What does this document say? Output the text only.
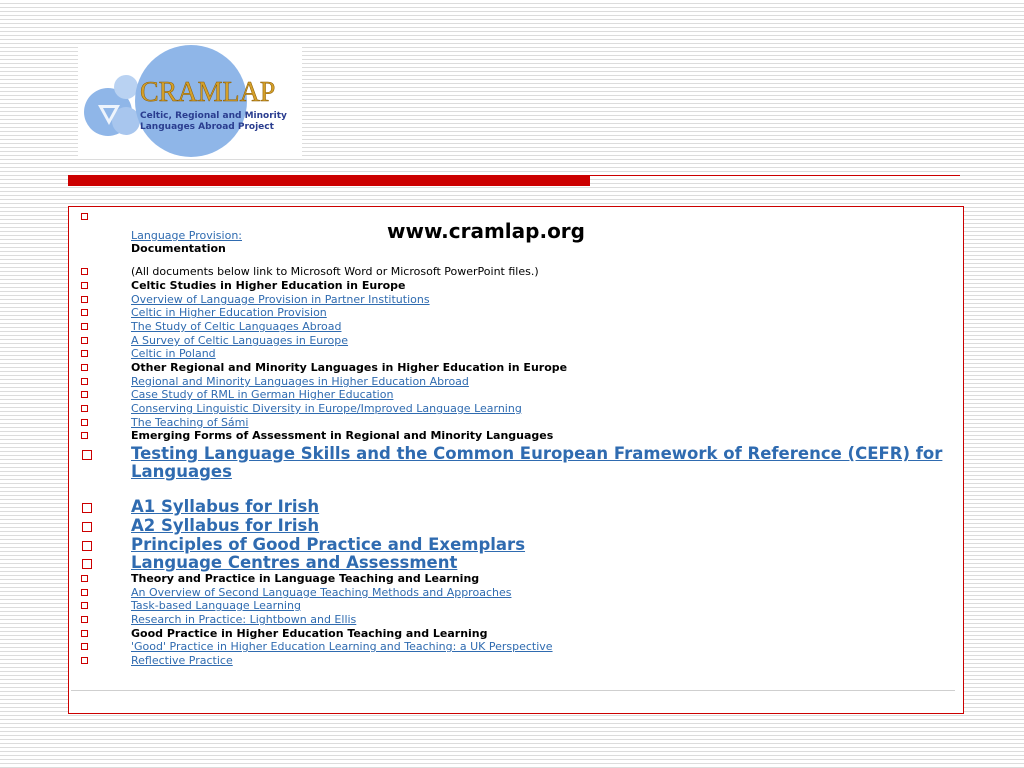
CRAMLAP
Celtic, Regional and Minority
Languages Abroad Project
Language Provision:
Documentation
www.cramlap.org
(All documents below link to Microsoft Word or Microsoft PowerPoint files.)
Celtic Studies in Higher Education in Europe
Overview of Language Provision in Partner Institutions
Celtic in Higher Education Provision
The Study of Celtic Languages Abroad
A Survey of Celtic Languages in Europe
Celtic in Poland
Other Regional and Minority Languages in Higher Education in Europe
Regional and Minority Languages in Higher Education Abroad
Case Study of RML in German Higher Education
Conserving Linguistic Diversity in Europe/Improved Language Learning
The Teaching of Sámi
Emerging Forms of Assessment in Regional and Minority Languages
Testing Language Skills and the Common European Framework of Reference (CEFR) for Languages
A1 Syllabus for Irish
A2 Syllabus for Irish
Principles of Good Practice and Exemplars
Language Centres and Assessment
Theory and Practice in Language Teaching and Learning
An Overview of Second Language Teaching Methods and Approaches
Task-based Language Learning
Research in Practice: Lightbown and Ellis
Good Practice in Higher Education Teaching and Learning
'Good' Practice in Higher Education Learning and Teaching: a UK Perspective
Reflective Practice
